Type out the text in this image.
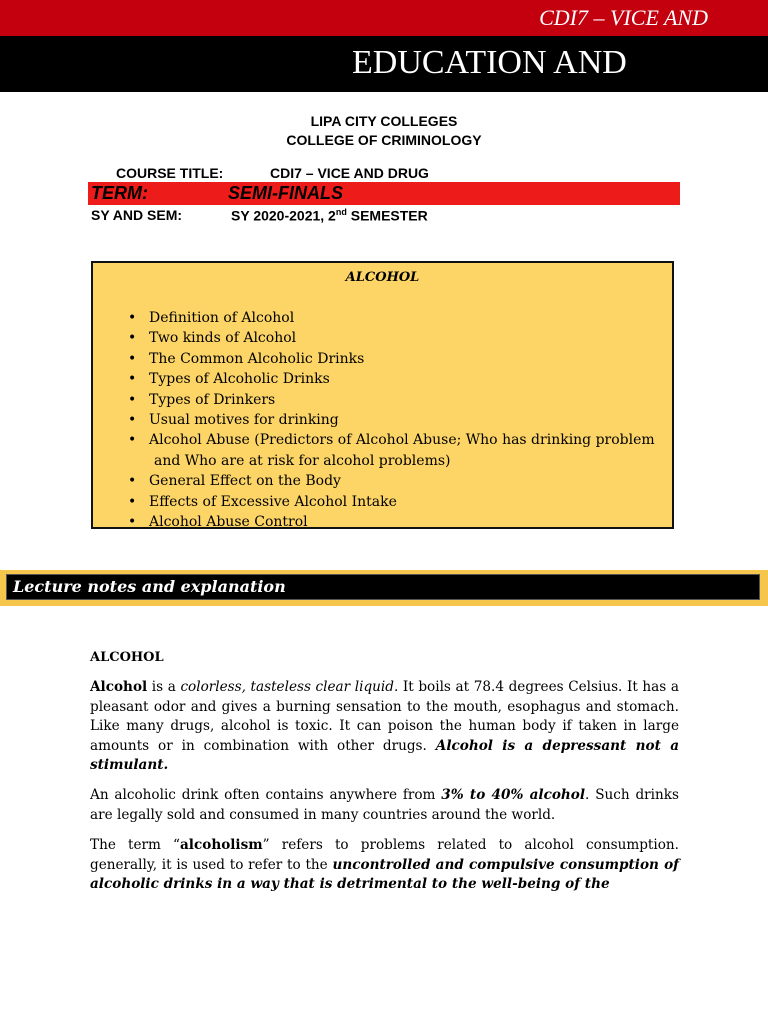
CDI7 – VICE AND
EDUCATION AND
LIPA CITY COLLEGES
COLLEGE OF CRIMINOLOGY
COURSE TITLE:	CDI7 – VICE AND DRUG
TERM:	SEMI-FINALS
SY AND SEM:	SY 2020-2021, 2nd SEMESTER
ALCOHOL
• Definition of Alcohol
• Two kinds of Alcohol
• The Common Alcoholic Drinks
• Types of Alcoholic Drinks
• Types of Drinkers
• Usual motives for drinking
• Alcohol Abuse (Predictors of Alcohol Abuse; Who has drinking problem
and Who are at risk for alcohol problems)
• General Effect on the Body
• Effects of Excessive Alcohol Intake
• Alcohol Abuse Control
Lecture notes and explanation
ALCOHOL

Alcohol is a colorless, tasteless clear liquid. It boils at 78.4 degrees Celsius. It has a pleasant odor and gives a burning sensation to the mouth, esophagus and stomach. Like many drugs, alcohol is toxic. It can poison the human body if taken in large amounts or in combination with other drugs. Alcohol is a depressant not a stimulant.

An alcoholic drink often contains anywhere from 3% to 40% alcohol. Such drinks are legally sold and consumed in many countries around the world.

The term “alcoholism” refers to problems related to alcohol consumption. generally, it is used to refer to the uncontrolled and compulsive consumption of alcoholic drinks in a way that is detrimental to the well-being of the
